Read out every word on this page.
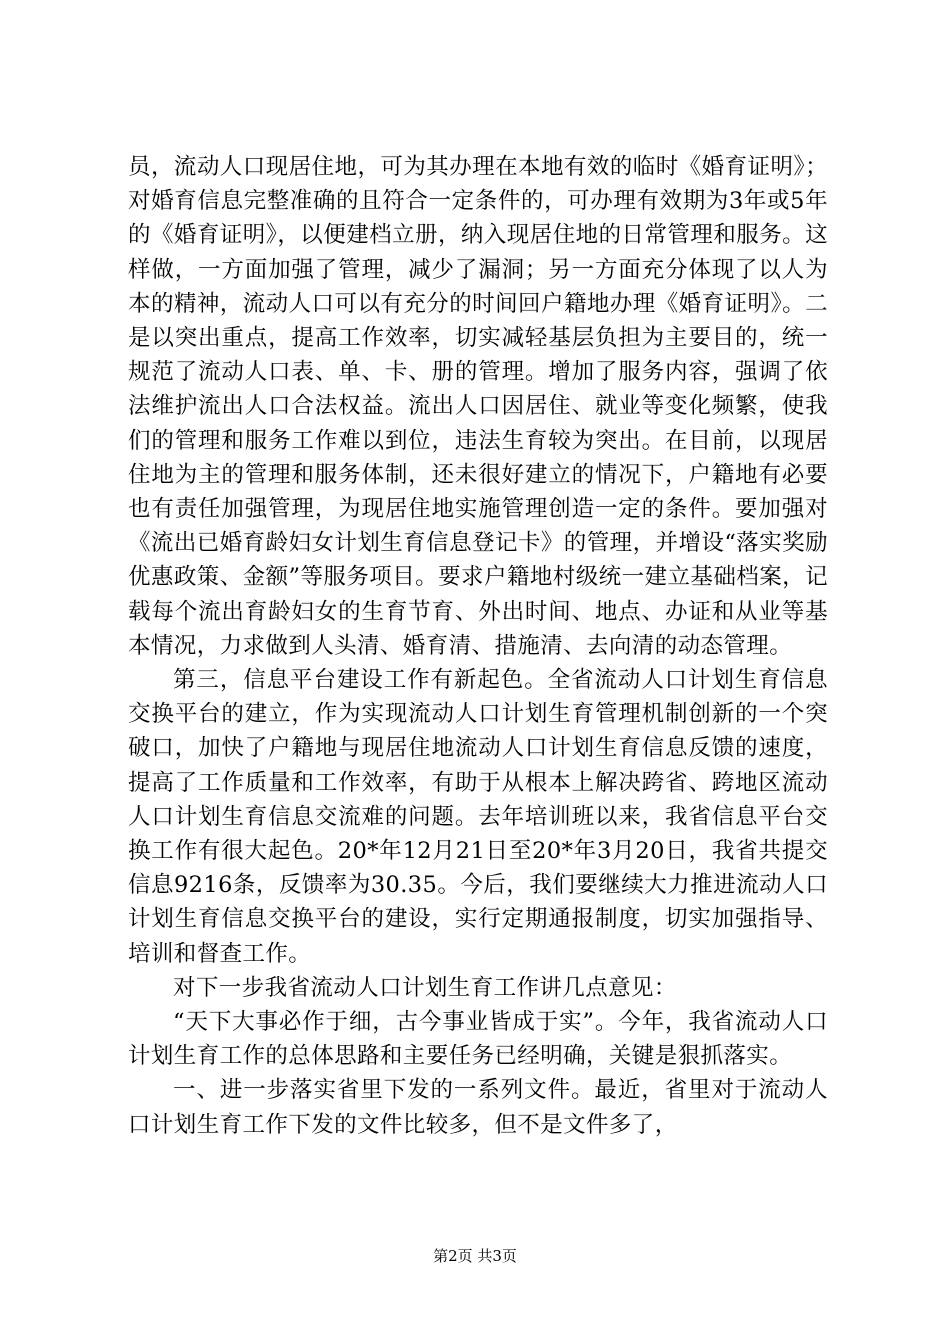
员，流动人口现居住地，可为其办理在本地有效的临时《婚育证明》；对婚育信息完整准确的且符合一定条件的，可办理有效期为3年或5年的《婚育证明》，以便建档立册，纳入现居住地的日常管理和服务。这样做，一方面加强了管理，减少了漏洞；另一方面充分体现了以人为本的精神，流动人口可以有充分的时间回户籍地办理《婚育证明》。二是以突出重点，提高工作效率，切实减轻基层负担为主要目的，统一规范了流动人口表、单、卡、册的管理。增加了服务内容，强调了依法维护流出人口合法权益。流出人口因居住、就业等变化频繁，使我们的管理和服务工作难以到位，违法生育较为突出。在目前，以现居住地为主的管理和服务体制，还未很好建立的情况下，户籍地有必要也有责任加强管理，为现居住地实施管理创造一定的条件。要加强对《流出已婚育龄妇女计划生育信息登记卡》的管理，并增设“落实奖励优惠政策、金额”等服务项目。要求户籍地村级统一建立基础档案，记载每个流出育龄妇女的生育节育、外出时间、地点、办证和从业等基本情况，力求做到人头清、婚育清、措施清、去向清的动态管理。

第三，信息平台建设工作有新起色。全省流动人口计划生育信息交换平台的建立，作为实现流动人口计划生育管理机制创新的一个突破口，加快了户籍地与现居住地流动人口计划生育信息反馈的速度，提高了工作质量和工作效率，有助于从根本上解决跨省、跨地区流动人口计划生育信息交流难的问题。去年培训班以来，我省信息平台交换工作有很大起色。20*年12月21日至20*年3月20日，我省共提交信息9216条，反馈率为30.35。今后，我们要继续大力推进流动人口计划生育信息交换平台的建设，实行定期通报制度，切实加强指导、培训和督查工作。

对下一步我省流动人口计划生育工作讲几点意见：

“天下大事必作于细，古今事业皆成于实”。今年，我省流动人口计划生育工作的总体思路和主要任务已经明确，关键是狠抓落实。

一、进一步落实省里下发的一系列文件。最近，省里对于流动人口计划生育工作下发的文件比较多，但不是文件多了，

第2页 共3页
